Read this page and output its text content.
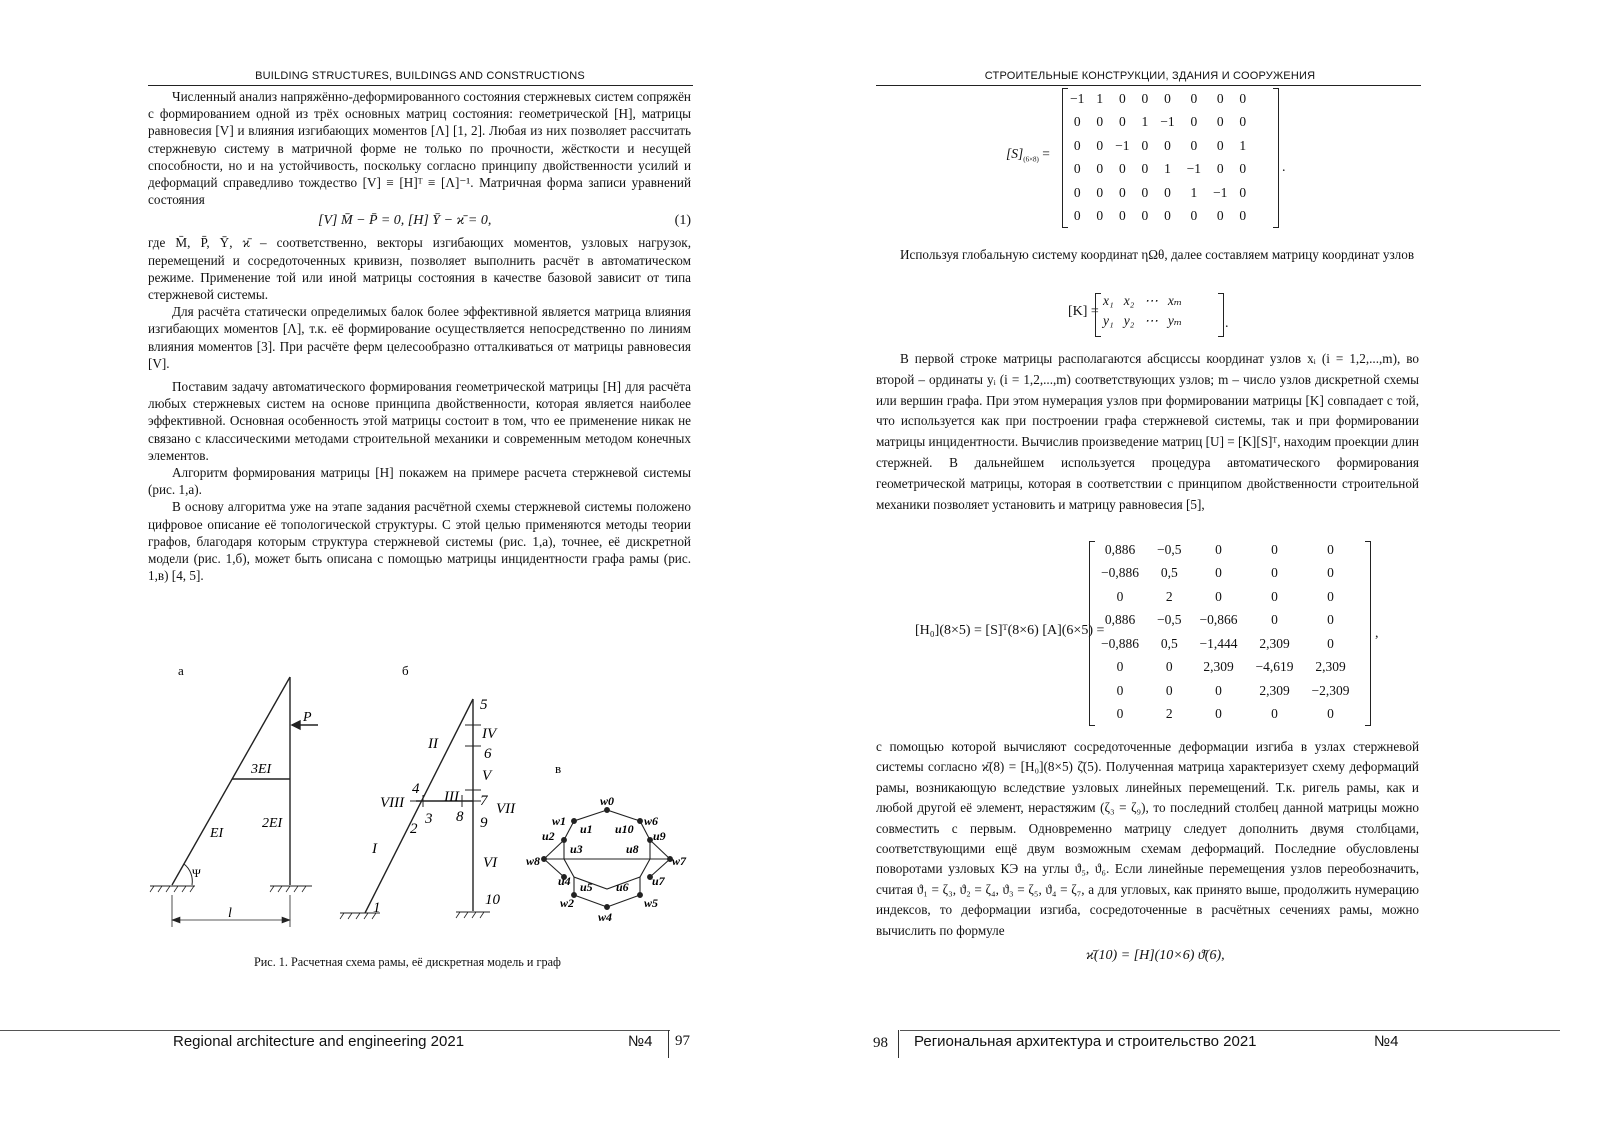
BUILDING STRUCTURES, BUILDINGS AND CONSTRUCTIONS

Численный анализ напряжённо-деформированного состояния стержневых систем сопряжён с формированием одной из трёх основных матриц состояния: геометрической [H], матрицы равновесия [V] и влияния изгибающих моментов [Λ] [1, 2]. Любая из них позволяет рассчитать стержневую систему в матричной форме не только по прочности, жёсткости и несущей способности, но и на устойчивость, поскольку согласно принципу двойственности усилий и деформаций справедливо тождество [V] ≡ [H]ᵀ ≡ [Λ]⁻¹. Матричная форма записи уравнений состояния

[V] M̄ − P̄ = 0, [H] Ȳ − ϰ̄ = 0,	(1)

где M̄, P̄, Ȳ, ϰ̄ – соответственно, векторы изгибающих моментов, узловых нагрузок, перемещений и сосредоточенных кривизн, позволяет выполнить расчёт в автоматическом режиме. Применение той или иной матрицы состояния в качестве базовой зависит от типа стержневой системы.

Для расчёта статически определимых балок более эффективной является матрица влияния изгибающих моментов [Λ], т.к. её формирование осуществляется непосредственно по линиям влияния моментов [3]. При расчёте ферм целесообразно отталкиваться от матрицы равновесия [V].

Поставим задачу автоматического формирования геометрической матрицы [H] для расчёта любых стержневых систем на основе принципа двойственности, которая является наиболее эффективной. Основная особенность этой матрицы состоит в том, что ее применение никак не связано с классическими методами строительной механики и современным методом конечных элементов.

Алгоритм формирования матрицы [H] покажем на примере расчета стержневой системы (рис. 1,а).

В основу алгоритма уже на этапе задания расчётной схемы стержневой системы положено цифровое описание её топологической структуры. С этой целью применяются методы теории графов, благодаря которым структура стержневой системы (рис. 1,а), точнее, её дискретной модели (рис. 1,б), может быть описана с помощью матрицы инцидентности графа рамы (рис. 1,в) [4, 5].

а	б
в
P
3EI
2EI
EI
Ψ
l	1
2
3
4
5
6
7
8 9
10
I
II
III
IV
V
VI
VII
VIII	w0
w1
w2
w4
w5
w6
w7
w8
u1
u2
u3
u4 u5 u6 u7
u8
u9
u10
Рис. 1. Расчетная схема рамы, её дискретная модель и граф
Regional architecture and engineering 2021	№4 97
СТРОИТЕЛЬНЫЕ КОНСТРУКЦИИ, ЗДАНИЯ И СООРУЖЕНИЯ
$[S]_{(6\times 8)}$ =
−1	1	0	0	0	0	0	0
0	0	0	1	−1	0	0	0
0	0	−1	0	0	0	0	1
0	0	0	0	1	−1	0	0
0	0	0	0	0	1	−1	0
0	0	0	0	0	0	0	0
.

Используя глобальную систему координат ηΩθ, далее составляем матрицу координат узлов

[K] =
x₁	x₂	⋯	xₘ
y₁	y₂	⋯	yₘ	.

В первой строке матрицы располагаются абсциссы координат узлов xᵢ (i = 1,2,...,m), во второй – ординаты yᵢ (i = 1,2,...,m) соответствующих узлов; m – число узлов дискретной схемы или вершин графа. При этом нумерация узлов при формировании матрицы [K] совпадает с той, что используется как при построении графа стержневой системы, так и при формировании матрицы инцидентности. Вычислив произведение матриц [U] = [K][S]ᵀ, находим проекции длин стержней. В дальнейшем используется процедура автоматического формирования геометрической матрицы, которая в соответствии с принципом двойственности строительной механики позволяет установить и матрицу равновесия [5],

[H₀](8×5) = [S]ᵀ(8×6) [A](6×5) =
0,886	−0,5	0	0	0
−0,886	0,5	0	0	0
0	2	0	0	0
0,886	−0,5	−0,866	0	0
−0,886	0,5	−1,444	2,309	0
0	0	2,309	−4,619	2,309
0	0	0	2,309	−2,309
0	2	0	0	0
,

с помощью которой вычисляют сосредоточенные деформации изгиба в узлах стержневой системы согласно ϰ̄(8) = [H₀](8×5) ζ̄(5). Полученная матрица характеризует схему деформаций рамы, возникающую вследствие узловых линейных перемещений. Т.к. ригель рамы, как и любой другой её элемент, нерастяжим (ζ₃ = ζ₉), то последний столбец данной матрицы можно совместить с первым. Одновременно матрицу следует дополнить двумя столбцами, соответствующими ещё двум возможным схемам деформаций. Последние обусловлены поворотами узловых КЭ на углы ϑ₅, ϑ₆. Если линейные перемещения узлов переобозначить, считая ϑ₁ = ζ₃, ϑ₂ = ζ₄, ϑ₃ = ζ₅, ϑ₄ = ζ₇, а для угловых, как принято выше, продолжить нумерацию индексов, то деформации изгиба, сосредоточенные в расчётных сечениях рамы, можно вычислить по формуле

ϰ̄(10) = [H](10×6) ϑ̄(6),
98 Региональная архитектура и строительство 2021	№4
